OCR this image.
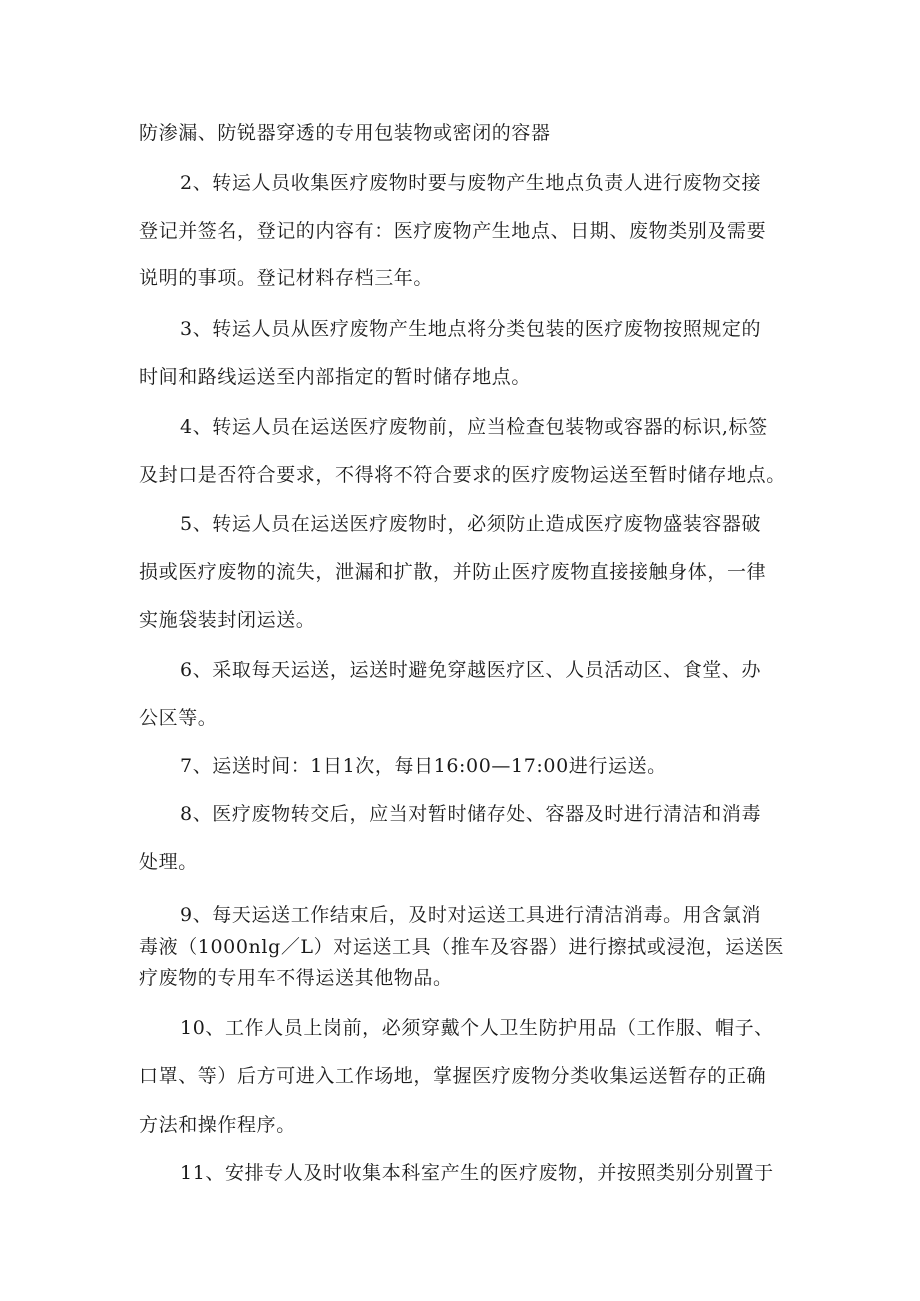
防渗漏、防锐器穿透的专用包装物或密闭的容器
2、转运人员收集医疗废物时要与废物产生地点负责人进行废物交接
登记并签名，登记的内容有：医疗废物产生地点、日期、废物类别及需要
说明的事项。登记材料存档三年。
3、转运人员从医疗废物产生地点将分类包装的医疗废物按照规定的
时间和路线运送至内部指定的暂时储存地点。
4、转运人员在运送医疗废物前，应当检查包装物或容器的标识,标签
及封口是否符合要求，不得将不符合要求的医疗废物运送至暂时储存地点。
5、转运人员在运送医疗废物时，必须防止造成医疗废物盛装容器破
损或医疗废物的流失，泄漏和扩散，并防止医疗废物直接接触身体，一律
实施袋装封闭运送。
6、采取每天运送，运送时避免穿越医疗区、人员活动区、食堂、办
公区等。
7、运送时间：1日1次，每日16:00—17:00进行运送。
8、医疗废物转交后，应当对暂时储存处、容器及时进行清洁和消毒
处理。
9、每天运送工作结束后，及时对运送工具进行清洁消毒。用含氯消
毒液（1000nlg／L）对运送工具（推车及容器）进行擦拭或浸泡，运送医
疗废物的专用车不得运送其他物品。
10、工作人员上岗前，必须穿戴个人卫生防护用品（工作服、帽子、
口罩、等）后方可进入工作场地，掌握医疗废物分类收集运送暂存的正确
方法和操作程序。
11、安排专人及时收集本科室产生的医疗废物，并按照类别分别置于
